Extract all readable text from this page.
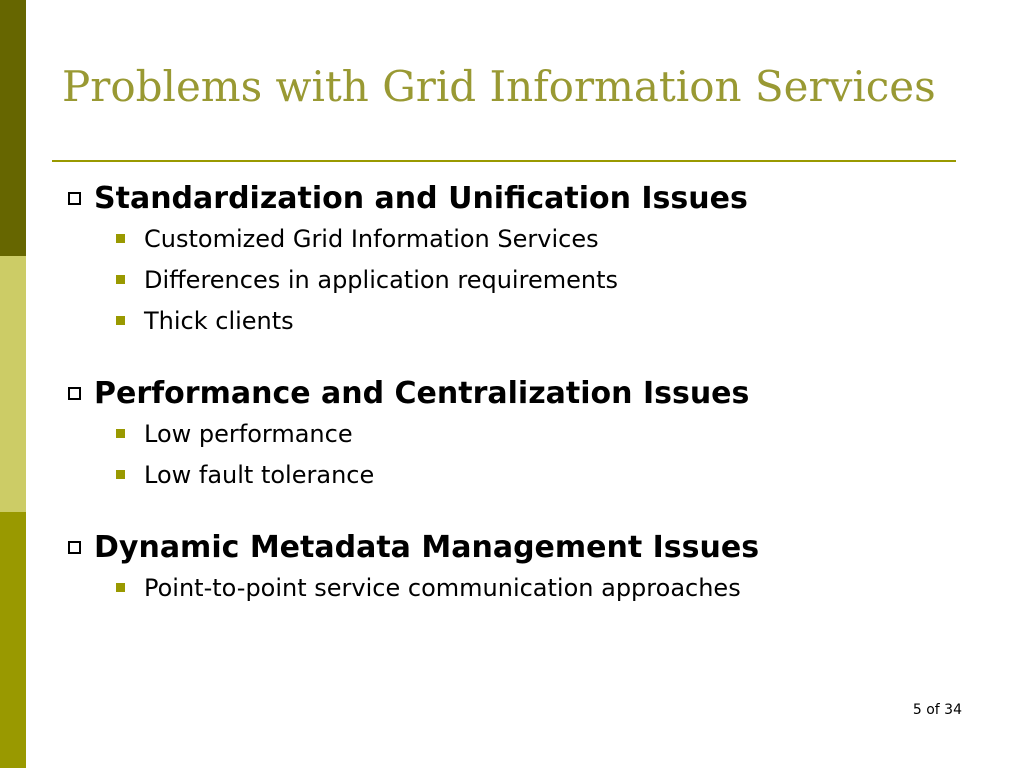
Problems with Grid Information Services
Standardization and Unification Issues
Customized Grid Information Services
Differences in application requirements
Thick clients
Performance and Centralization Issues
Low performance
Low fault tolerance
Dynamic Metadata Management Issues
Point-to-point service communication approaches
5 of 34
